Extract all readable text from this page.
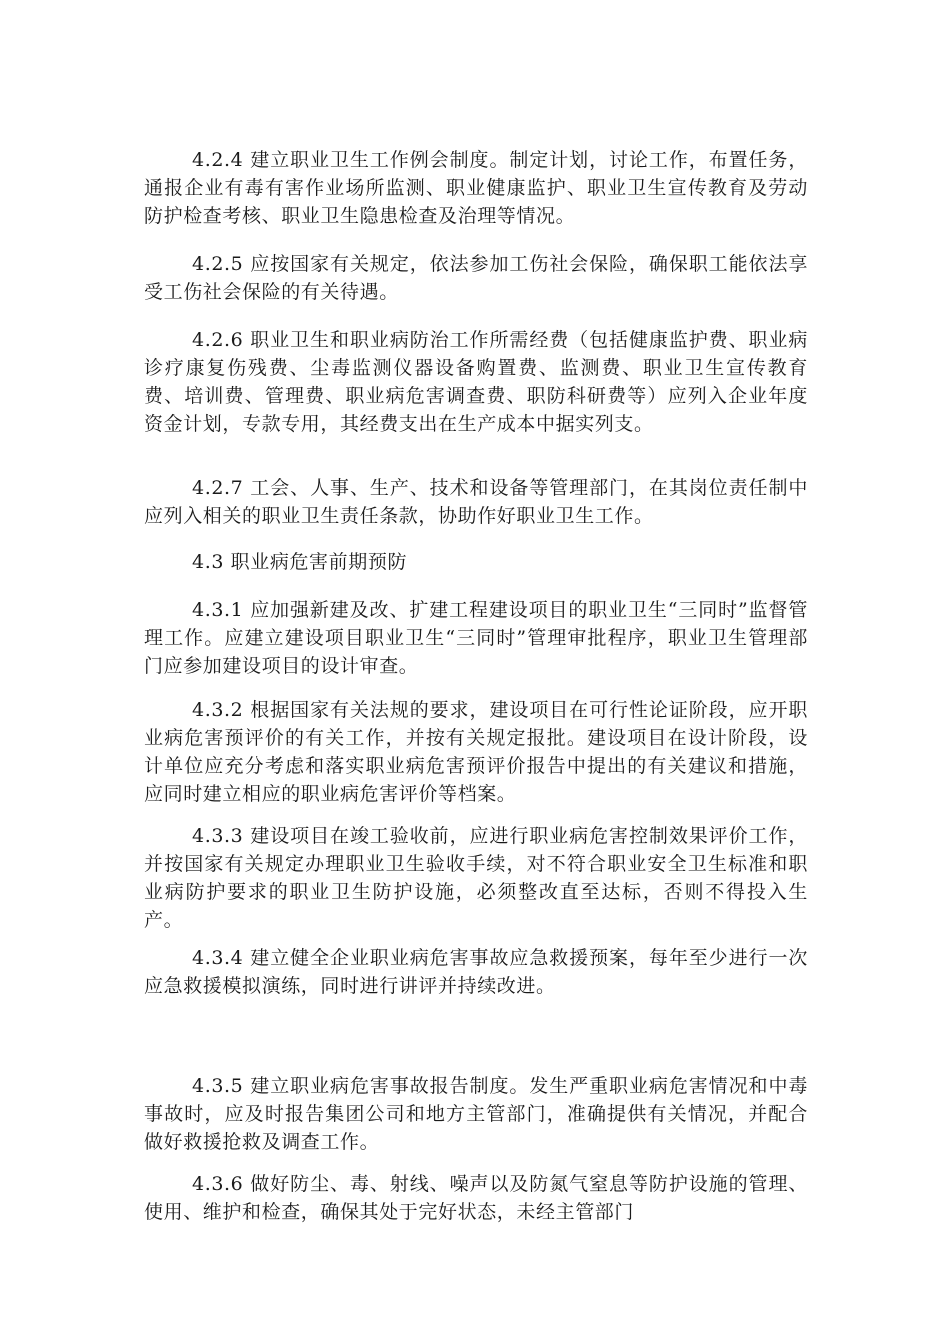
4.2.4 建立职业卫生工作例会制度。制定计划，讨论工作，布置任务，通报企业有毒有害作业场所监测、职业健康监护、职业卫生宣传教育及劳动防护检查考核、职业卫生隐患检查及治理等情况。

4.2.5 应按国家有关规定，依法参加工伤社会保险，确保职工能依法享受工伤社会保险的有关待遇。

4.2.6 职业卫生和职业病防治工作所需经费（包括健康监护费、职业病诊疗康复伤残费、尘毒监测仪器设备购置费、监测费、职业卫生宣传教育费、培训费、管理费、职业病危害调查费、职防科研费等）应列入企业年度资金计划，专款专用，其经费支出在生产成本中据实列支。

4.2.7 工会、人事、生产、技术和设备等管理部门，在其岗位责任制中应列入相关的职业卫生责任条款，协助作好职业卫生工作。

4.3 职业病危害前期预防

4.3.1 应加强新建及改、扩建工程建设项目的职业卫生“三同时”监督管理工作。应建立建设项目职业卫生“三同时”管理审批程序，职业卫生管理部门应参加建设项目的设计审查。

4.3.2 根据国家有关法规的要求，建设项目在可行性论证阶段，应开职业病危害预评价的有关工作，并按有关规定报批。建设项目在设计阶段，设计单位应充分考虑和落实职业病危害预评价报告中提出的有关建议和措施，应同时建立相应的职业病危害评价等档案。

4.3.3 建设项目在竣工验收前，应进行职业病危害控制效果评价工作，并按国家有关规定办理职业卫生验收手续，对不符合职业安全卫生标准和职业病防护要求的职业卫生防护设施，必须整改直至达标，否则不得投入生产。

4.3.4 建立健全企业职业病危害事故应急救援预案，每年至少进行一次应急救援模拟演练，同时进行讲评并持续改进。

4.3.5 建立职业病危害事故报告制度。发生严重职业病危害情况和中毒事故时，应及时报告集团公司和地方主管部门，准确提供有关情况，并配合做好救援抢救及调查工作。

4.3.6 做好防尘、毒、射线、噪声以及防氮气窒息等防护设施的管理、使用、维护和检查，确保其处于完好状态，未经主管部门
